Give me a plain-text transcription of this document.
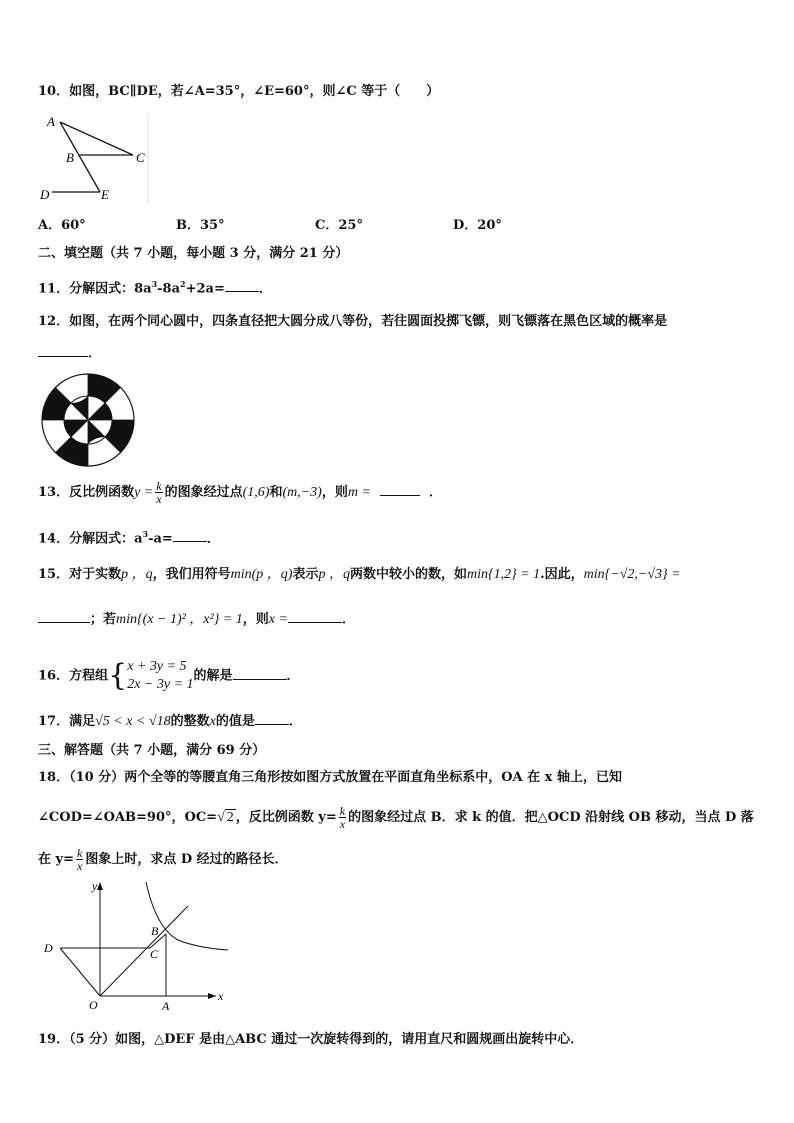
10．如图，BC∥DE，若∠A=35°，∠E=60°，则∠C 等于（　　）
A
B	C
D	E
A．60°	B．35°	C．25°	D．20°
二、填空题（共 7 小题，每小题 3 分，满分 21 分）
11．分解因式：$8a^3-8a^2+2a=$	．
12．如图，在两个同心圆中，四条直径把大圆分成八等份，若往圆面投掷飞镖，则飞镖落在黑色区域的概率是
．
13．反比例函数$y = \frac{k}{x}$ 的图象经过点(1,6)和(m,−3)，则m =	．
14．分解因式：$a^3-a=$	．
15．对于实数p ，q，我们用符号min(p ，q)表示p ，q两数中较小的数，如min{1,2} = 1.因此，min{−√2,−√3} =
；若min{(x − 1)² ，x²} = 1，则x =	．
16．方程组{ x + 3y = 5
2x − 3y = 1
的解是	．
17．满足√5 < x < √18的整数x的值是	．
三、解答题（共 7 小题，满分 69 分）
18．（10 分）两个全等的等腰直角三角形按如图方式放置在平面直角坐标系中，OA 在 x 轴上，已知
∠COD=∠OAB=90°，OC=√ 2 ，反比例函数 $y= \frac{k}{x}$ 的图象经过点 B．求 k 的值．把△OCD 沿射线 OB 移动，当点 D 落
在 $y= \frac{k}{x}$ 图象上时，求点 D 经过的路径长．
y
x
O	A
B
C
D
19．（5 分）如图，△DEF 是由△ABC 通过一次旋转得到的，请用直尺和圆规画出旋转中心．
